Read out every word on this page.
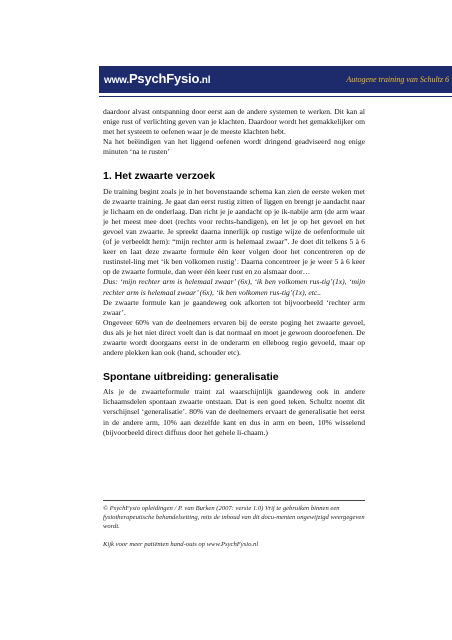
www.PsychFysio.nl	Autogene training van Schultz 6

daardoor alvast ontspanning door eerst aan de andere systemen te werken. Dit kan al enige rust of verlichting geven van je klachten. Daardoor wordt het gemakkelijker om met het systeem te oefenen waar je de meeste klachten hebt.

Na het beëindigen van het liggend oefenen wordt dringend geadviseerd nog enige minuten ‘na te rusten’

1. Het zwaarte verzoek

De training begint zoals je in het bovenstaande schema kan zien de eerste weken met de zwaarte training. Je gaat dan eerst rustig zitten of liggen en brengt je aandacht naar je lichaam en de onderlaag. Dan richt je je aandacht op je ik-nabije arm (de arm waar je het meest mee doet (rechts voor rechts-handigen), en let je op het gevoel en het gevoel van zwaarte. Je spreekt daarna innerlijk op rustige wijze de oefenformule uit (of je verbeeldt hem): “mijn rechter arm is helemaal zwaar”. Je doet dit telkens 5 à 6 keer en laat deze zwaarte formule één keer volgen door het concentreren op de rustinstel-ling met ‘ik ben volkomen rustig’. Daarna concentreer je je weer 5 à 6 keer op de zwaarte formule, dan weer één keer rust en zo alsmaar door…

Dus: ‘mijn rechter arm is helemaal zwaar’ (6x), ‘ik ben volkomen rus-tig’(1x), ‘mijn rechter arm is helemaal zwaar’ (6x), ‘ik ben volkomen rus-tig’(1x), etc..

De zwaarte formule kan je gaandeweg ook afkorten tot bijvoorbeeld ‘rechter arm zwaar’.

Ongeveer 60% van de deelnemers ervaren bij de eerste poging het zwaarte gevoel, dus als je het niet direct voelt dan is dat normaal en moet je gewoon dooroefenen. De zwaarte wordt doorgaans eerst in de onderarm en elleboog regio gevoeld, maar op andere plekken kan ook (hand, schouder etc).

Spontane uitbreiding: generalisatie

Als je de zwaarteformule traint zal waarschijnlijk gaandeweg ook in andere lichaamsdelen spontaan zwaarte ontstaan. Dat is een goed teken. Schultz noemt dit verschijnsel ‘generalisatie’. 80% van de deelnemers ervaart de generalisatie het eerst in de andere arm, 10% aan dezelfde kant en dus in arm en been, 10% wisselend (bijvoorbeeld direct diffuus door het gehele li-chaam.)

© PsychFysio opleidingen / P. van Burken (2007: versie 1.0) Vrij te gebruiken binnen een fysiotherapeutische behandelsetting, mits de inhoud van dit docu-menten ongewijzigd weergegeven wordt.

Kijk voor meer patiënten hand-outs op www.PsychFysio.nl
